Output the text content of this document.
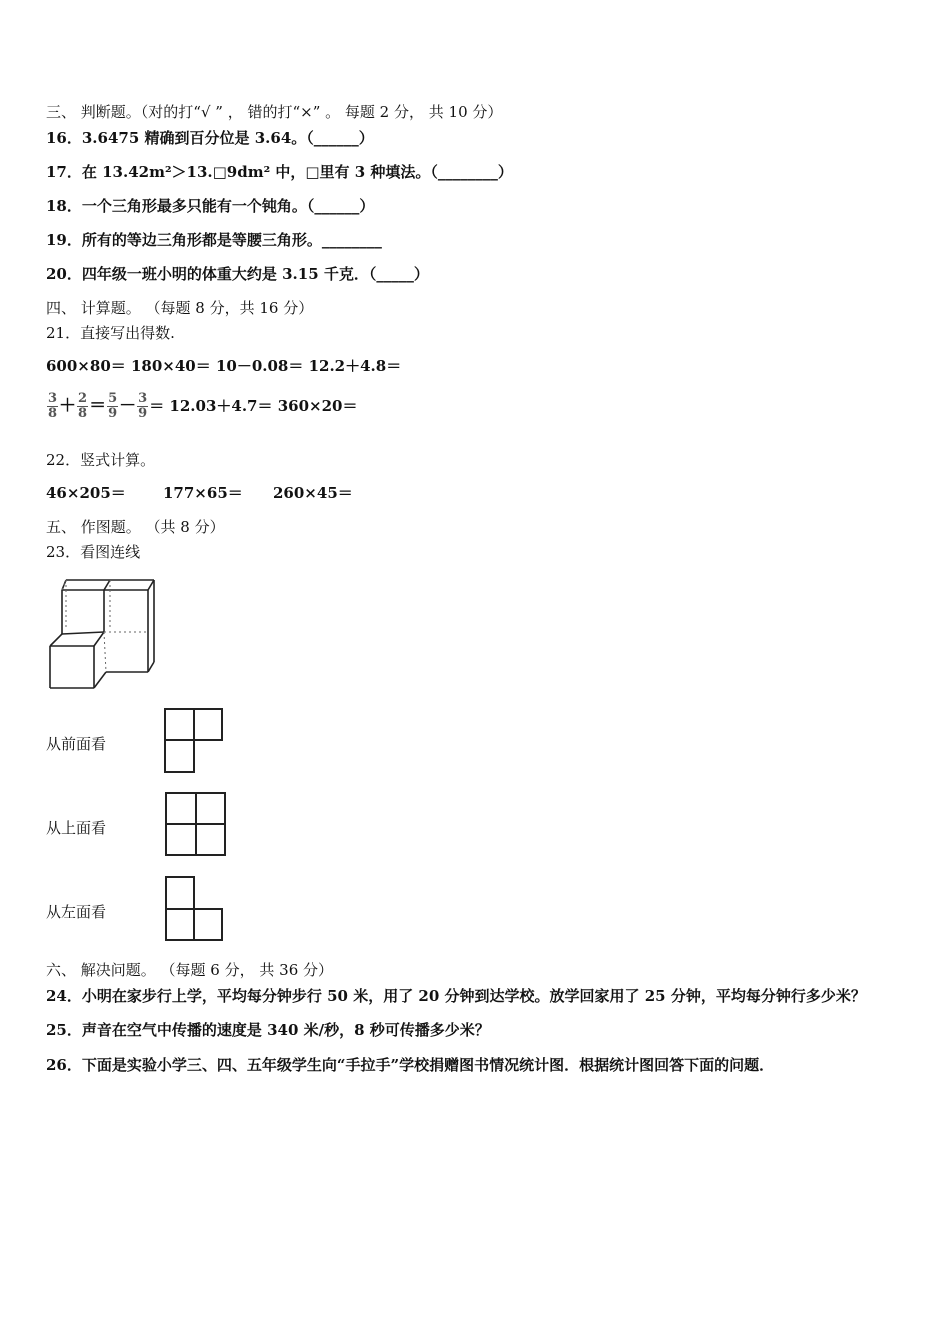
三、 判断题。（对的打“√ ” ， 错的打“×” 。 每题 2 分， 共 10 分）
16．3.6475 精确到百分位是 3.64。（______）
17．在 13.42m²＞13.□9dm² 中，□里有 3 种填法。（________）
18．一个三角形最多只能有一个钝角。（______）
19．所有的等边三角形都是等腰三角形。________
20．四年级一班小明的体重大约是 3.15 千克．（_____）
四、 计算题。 （每题 8 分，共 16 分）
21．直接写出得数.
600×80＝ 180×40＝ 10－0.08＝ 12.2＋4.8＝
$\frac{3}{8} + \frac{2}{8} = \frac{5}{9} - \frac{3}{9} = 12.03+4.7= 360\times 20=$
22．竖式计算。
46×205＝ 177×65＝ 260×45＝
五、 作图题。 （共 8 分）
23．看图连线
从前面看
从上面看
从左面看
六、 解决问题。 （每题 6 分， 共 36 分）
24．小明在家步行上学，平均每分钟步行 50 米，用了 20 分钟到达学校。放学回家用了 25 分钟，平均每分钟行多少米？
25．声音在空气中传播的速度是 340 米/秒，8 秒可传播多少米？
26．下面是实验小学三、四、五年级学生向“手拉手”学校捐赠图书情况统计图．根据统计图回答下面的问题．
